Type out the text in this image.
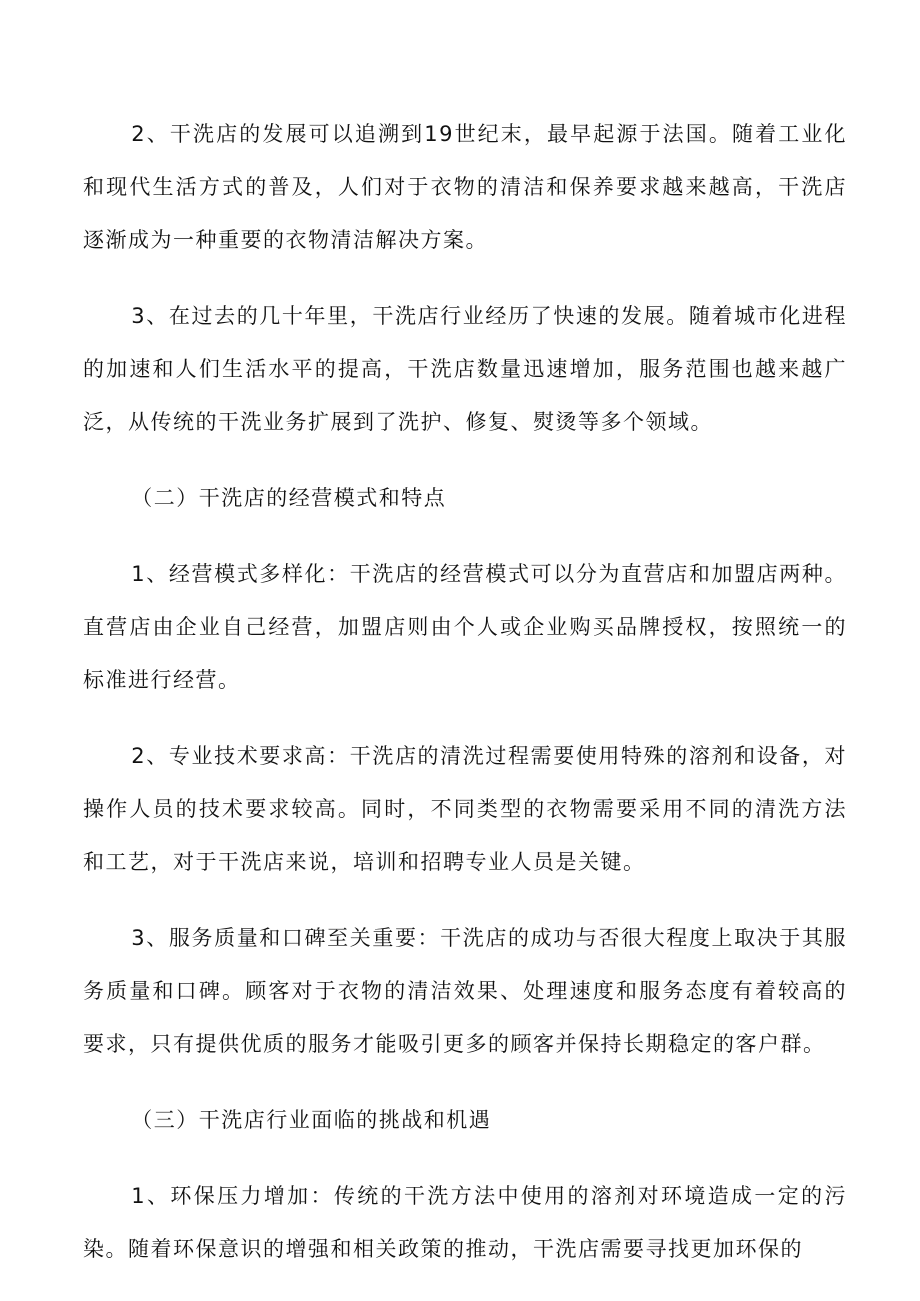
2、干洗店的发展可以追溯到19世纪末，最早起源于法国。随着工业化和现代生活方式的普及，人们对于衣物的清洁和保养要求越来越高，干洗店逐渐成为一种重要的衣物清洁解决方案。

3、在过去的几十年里，干洗店行业经历了快速的发展。随着城市化进程的加速和人们生活水平的提高，干洗店数量迅速增加，服务范围也越来越广泛，从传统的干洗业务扩展到了洗护、修复、熨烫等多个领域。

（二）干洗店的经营模式和特点

1、经营模式多样化：干洗店的经营模式可以分为直营店和加盟店两种。直营店由企业自己经营，加盟店则由个人或企业购买品牌授权，按照统一的标准进行经营。

2、专业技术要求高：干洗店的清洗过程需要使用特殊的溶剂和设备，对操作人员的技术要求较高。同时，不同类型的衣物需要采用不同的清洗方法和工艺，对于干洗店来说，培训和招聘专业人员是关键。

3、服务质量和口碑至关重要：干洗店的成功与否很大程度上取决于其服务质量和口碑。顾客对于衣物的清洁效果、处理速度和服务态度有着较高的要求，只有提供优质的服务才能吸引更多的顾客并保持长期稳定的客户群。

（三）干洗店行业面临的挑战和机遇

1、环保压力增加：传统的干洗方法中使用的溶剂对环境造成一定的污染。随着环保意识的增强和相关政策的推动，干洗店需要寻找更加环保的
